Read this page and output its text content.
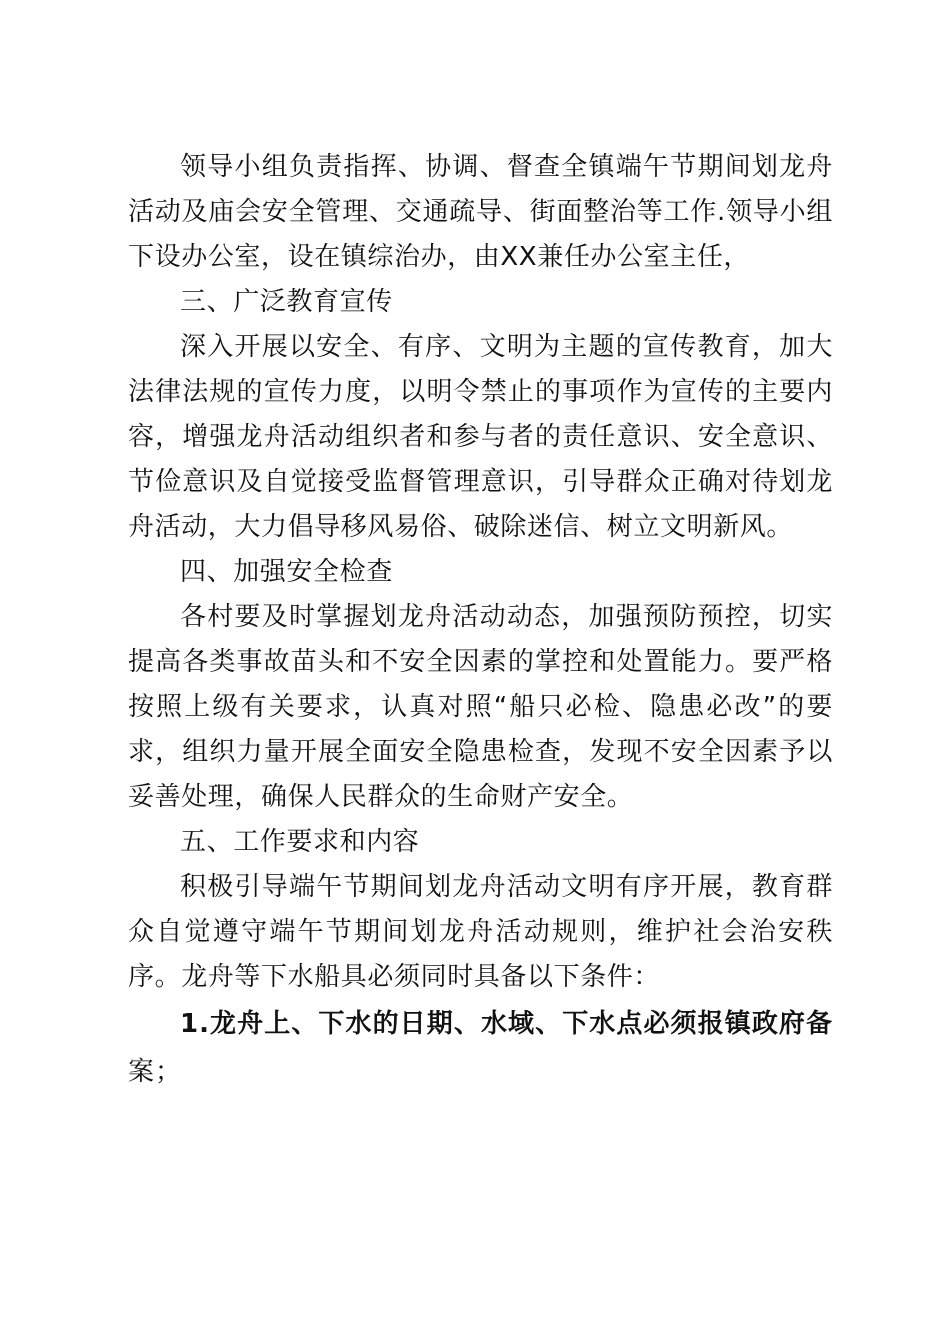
领导小组负责指挥、协调、督查全镇端午节期间划龙舟活动及庙会安全管理、交通疏导、街面整治等工作.领导小组下设办公室，设在镇综治办，由XX兼任办公室主任，

三、广泛教育宣传

深入开展以安全、有序、文明为主题的宣传教育，加大法律法规的宣传力度，以明令禁止的事项作为宣传的主要内容，增强龙舟活动组织者和参与者的责任意识、安全意识、节俭意识及自觉接受监督管理意识，引导群众正确对待划龙舟活动，大力倡导移风易俗、破除迷信、树立文明新风。

四、加强安全检查

各村要及时掌握划龙舟活动动态，加强预防预控，切实提高各类事故苗头和不安全因素的掌控和处置能力。要严格按照上级有关要求，认真对照“船只必检、隐患必改”的要求，组织力量开展全面安全隐患检查，发现不安全因素予以妥善处理，确保人民群众的生命财产安全。

五、工作要求和内容

积极引导端午节期间划龙舟活动文明有序开展，教育群众自觉遵守端午节期间划龙舟活动规则，维护社会治安秩序。龙舟等下水船具必须同时具备以下条件：

1.龙舟上、下水的日期、水域、下水点必须报镇政府备案；
